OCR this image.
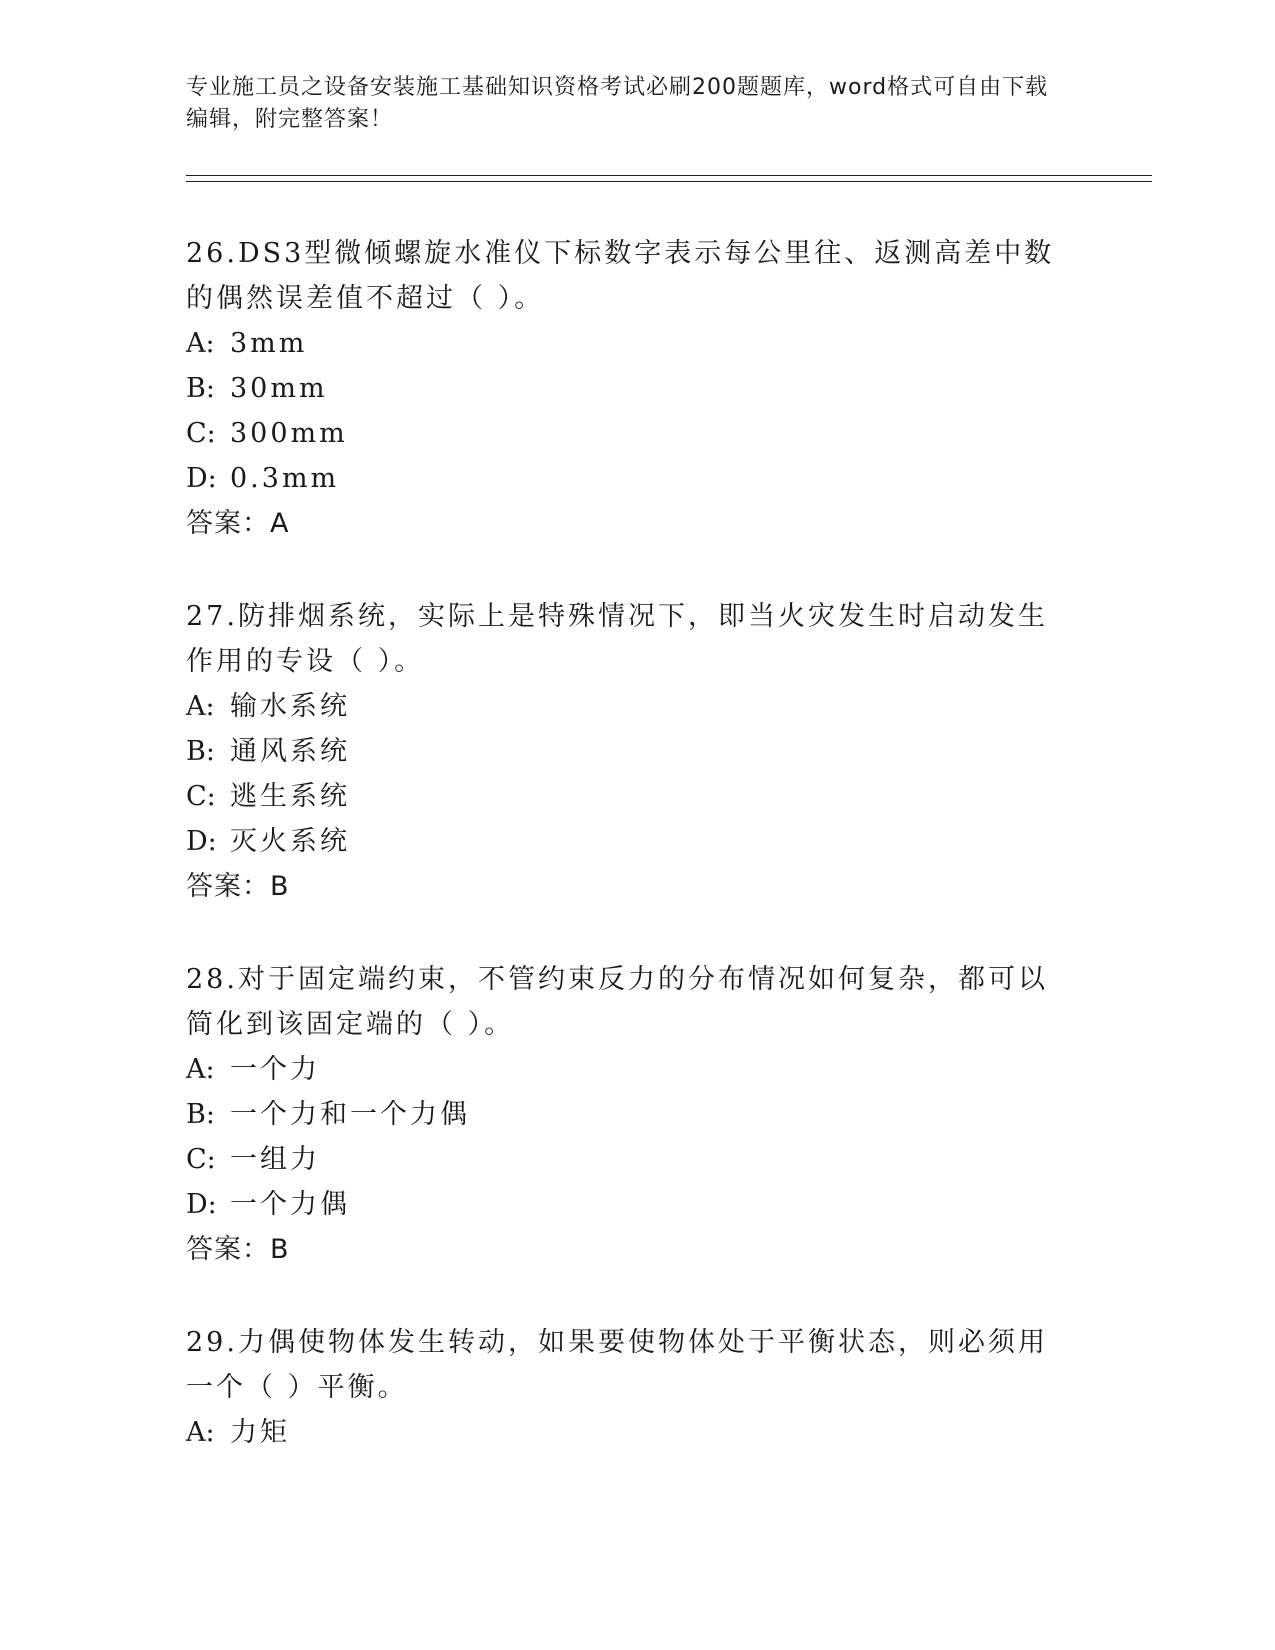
专业施工员之设备安装施工基础知识资格考试必刷200题题库，word格式可自由下载编辑，附完整答案！

26.DS3型微倾螺旋水准仪下标数字表示每公里往、返测高差中数的偶然误差值不超过（ ）。

A: 3mm

B: 30mm

C: 300mm

D: 0.3mm

答案：A

27.防排烟系统，实际上是特殊情况下，即当火灾发生时启动发生作用的专设（ ）。

A: 输水系统

B: 通风系统

C: 逃生系统

D: 灭火系统

答案：B

28.对于固定端约束，不管约束反力的分布情况如何复杂，都可以简化到该固定端的（ ）。

A: 一个力

B: 一个力和一个力偶

C: 一组力

D: 一个力偶

答案：B

29.力偶使物体发生转动，如果要使物体处于平衡状态，则必须用一个（ ）平衡。

A: 力矩
